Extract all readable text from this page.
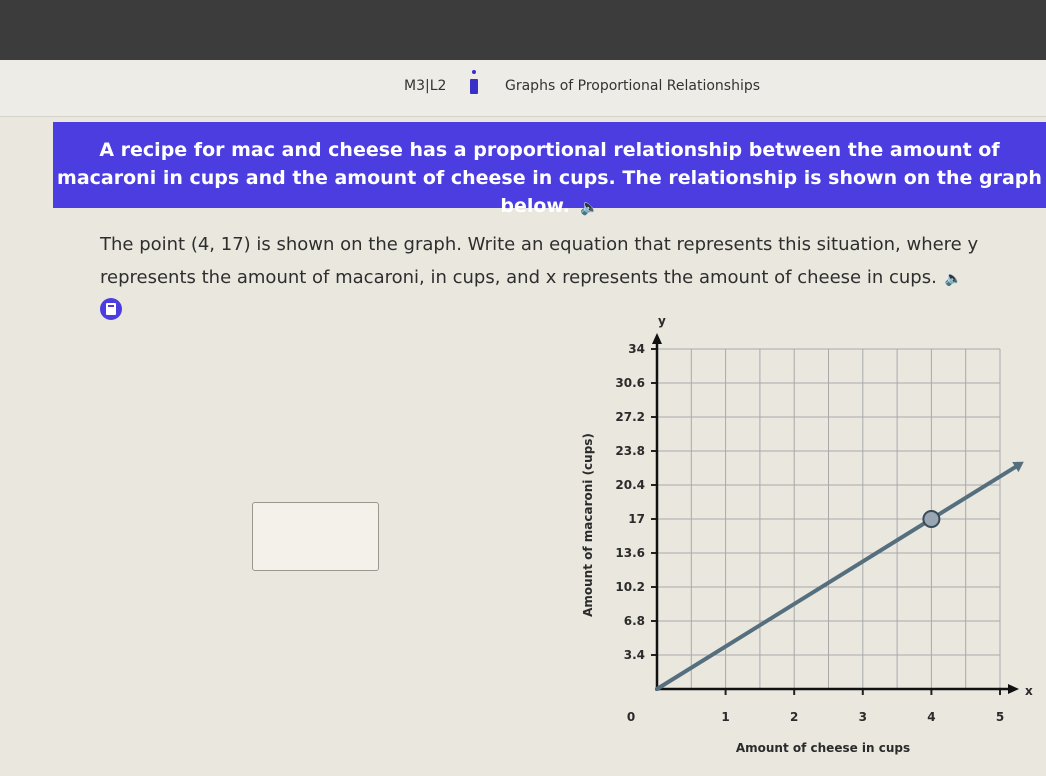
M3|L2	Graphs of Proportional Relationships
A recipe for mac and cheese has a proportional relationship between the amount of macaroni in cups and the amount of cheese in cups. The relationship is shown on the graph below. 🔈
The point (4, 17) is shown on the graph. Write an equation that represents this situation, where y represents the amount of macaroni, in cups, and x represents the amount of cheese in cups. 🔈
3.4
6.8
10.2
13.6
17
20.4
23.8
27.2
30.6
34
0	1	2	3	4	5
y
x
Amount of cheese in cups
Amount of macaroni (cups)
